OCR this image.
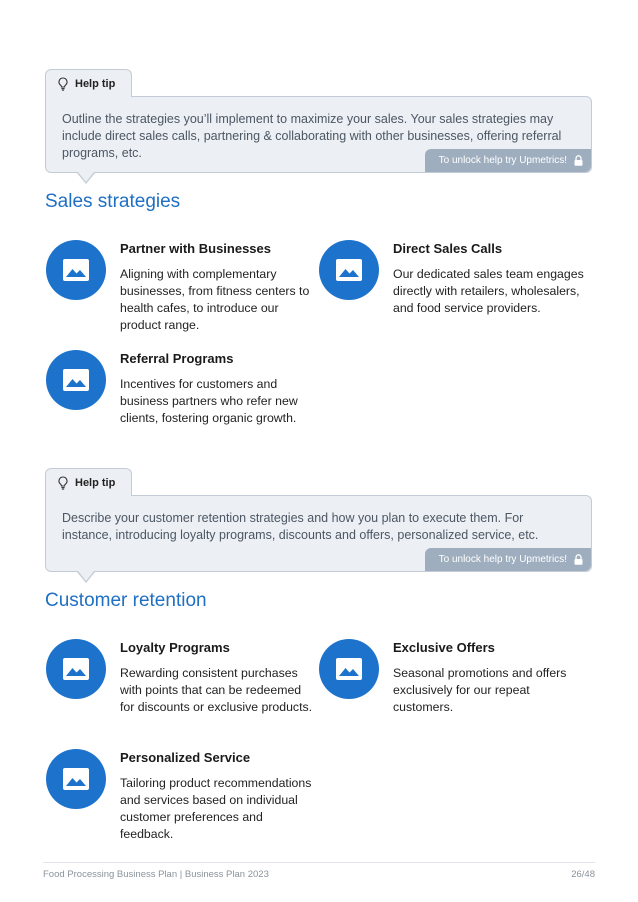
Help tip

Outline the strategies you’ll implement to maximize your sales. Your sales strategies may include direct sales calls, partnering & collaborating with other businesses, offering referral programs, etc.

To unlock help try Upmetrics!
Sales strategies

Partner with Businesses

Aligning with complementary businesses, from fitness centers to health cafes, to introduce our product range.

Direct Sales Calls

Our dedicated sales team engages directly with retailers, wholesalers, and food service providers.

Referral Programs

Incentives for customers and business partners who refer new clients, fostering organic growth.

Help tip

Describe your customer retention strategies and how you plan to execute them. For instance, introducing loyalty programs, discounts and offers, personalized service, etc.

To unlock help try Upmetrics!
Customer retention

Loyalty Programs

Rewarding consistent purchases with points that can be redeemed for discounts or exclusive products.

Exclusive Offers

Seasonal promotions and offers exclusively for our repeat customers.

Personalized Service

Tailoring product recommendations and services based on individual customer preferences and feedback.

Food Processing Business Plan | Business Plan 2023	26/48
